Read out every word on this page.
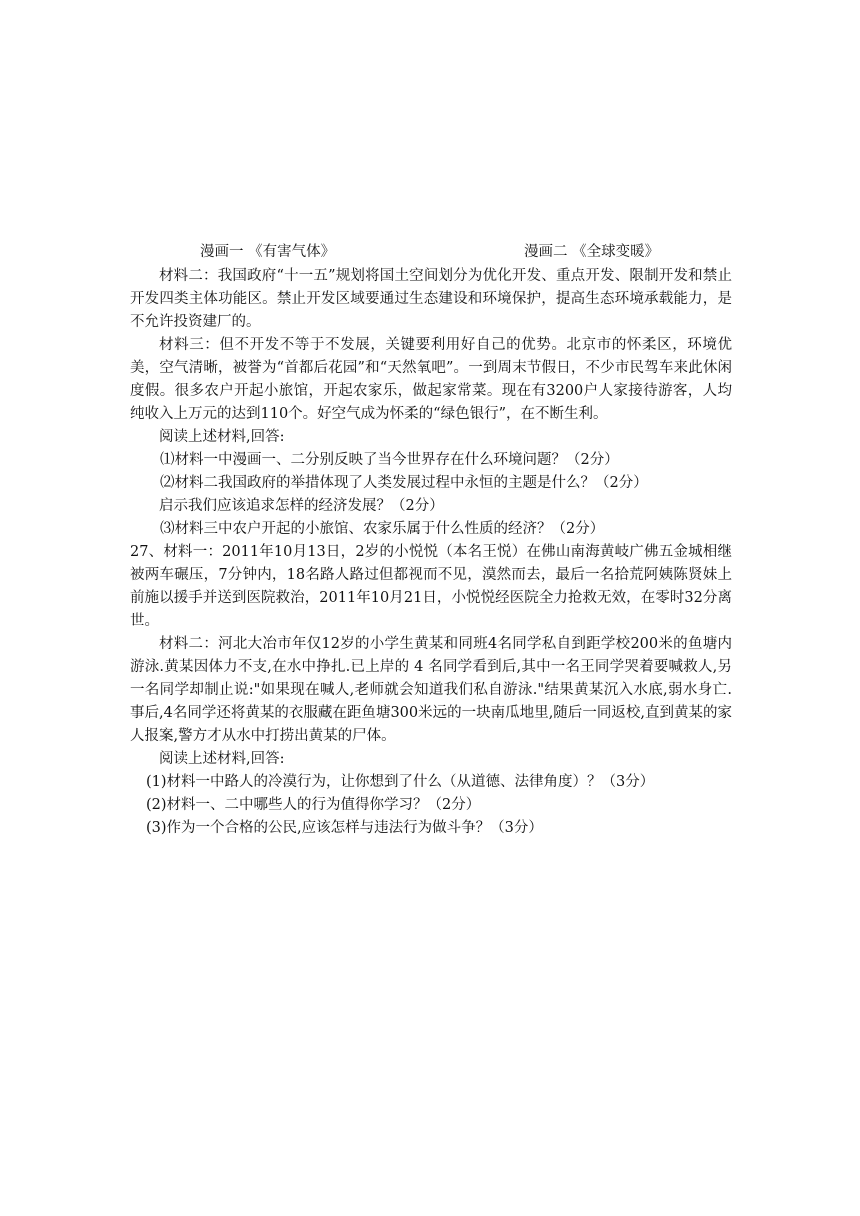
漫画一 《有害气体》	漫画二 《全球变暖》

材料二：我国政府“十一五”规划将国土空间划分为优化开发、重点开发、限制开发和禁止开发四类主体功能区。禁止开发区域要通过生态建设和环境保护，提高生态环境承载能力，是不允许投资建厂的。

材料三：但不开发不等于不发展，关键要利用好自己的优势。北京市的怀柔区，环境优美，空气清晰，被誉为“首都后花园”和“天然氧吧”。一到周末节假日，不少市民驾车来此休闲度假。很多农户开起小旅馆，开起农家乐，做起家常菜。现在有3200户人家接待游客，人均纯收入上万元的达到110个。好空气成为怀柔的“绿色银行”，在不断生利。

阅读上述材料,回答:

⑴材料一中漫画一、二分别反映了当今世界存在什么环境问题？（2分）

⑵材料二我国政府的举措体现了人类发展过程中永恒的主题是什么？（2分）

启示我们应该追求怎样的经济发展？（2分）

⑶材料三中农户开起的小旅馆、农家乐属于什么性质的经济？（2分）

27、材料一：2011年10月13日，2岁的小悦悦（本名王悦）在佛山南海黄岐广佛五金城相继被两车碾压，7分钟内，18名路人路过但都视而不见，漠然而去，最后一名拾荒阿姨陈贤妹上前施以援手并送到医院救治，2011年10月21日，小悦悦经医院全力抢救无效，在零时32分离世。

材料二：河北大冶市年仅12岁的小学生黄某和同班4名同学私自到距学校200米的鱼塘内游泳.黄某因体力不支,在水中挣扎.已上岸的 4 名同学看到后,其中一名王同学哭着要喊救人,另一名同学却制止说:"如果现在喊人,老师就会知道我们私自游泳."结果黄某沉入水底,弱水身亡.事后,4名同学还将黄某的衣服藏在距鱼塘300米远的一块南瓜地里,随后一同返校,直到黄某的家人报案,警方才从水中打捞出黄某的尸体。

阅读上述材料,回答:

(1)材料一中路人的冷漠行为，让你想到了什么（从道德、法律角度）？（3分）

(2)材料一、二中哪些人的行为值得你学习？（2分）

(3)作为一个合格的公民,应该怎样与违法行为做斗争？（3分）
